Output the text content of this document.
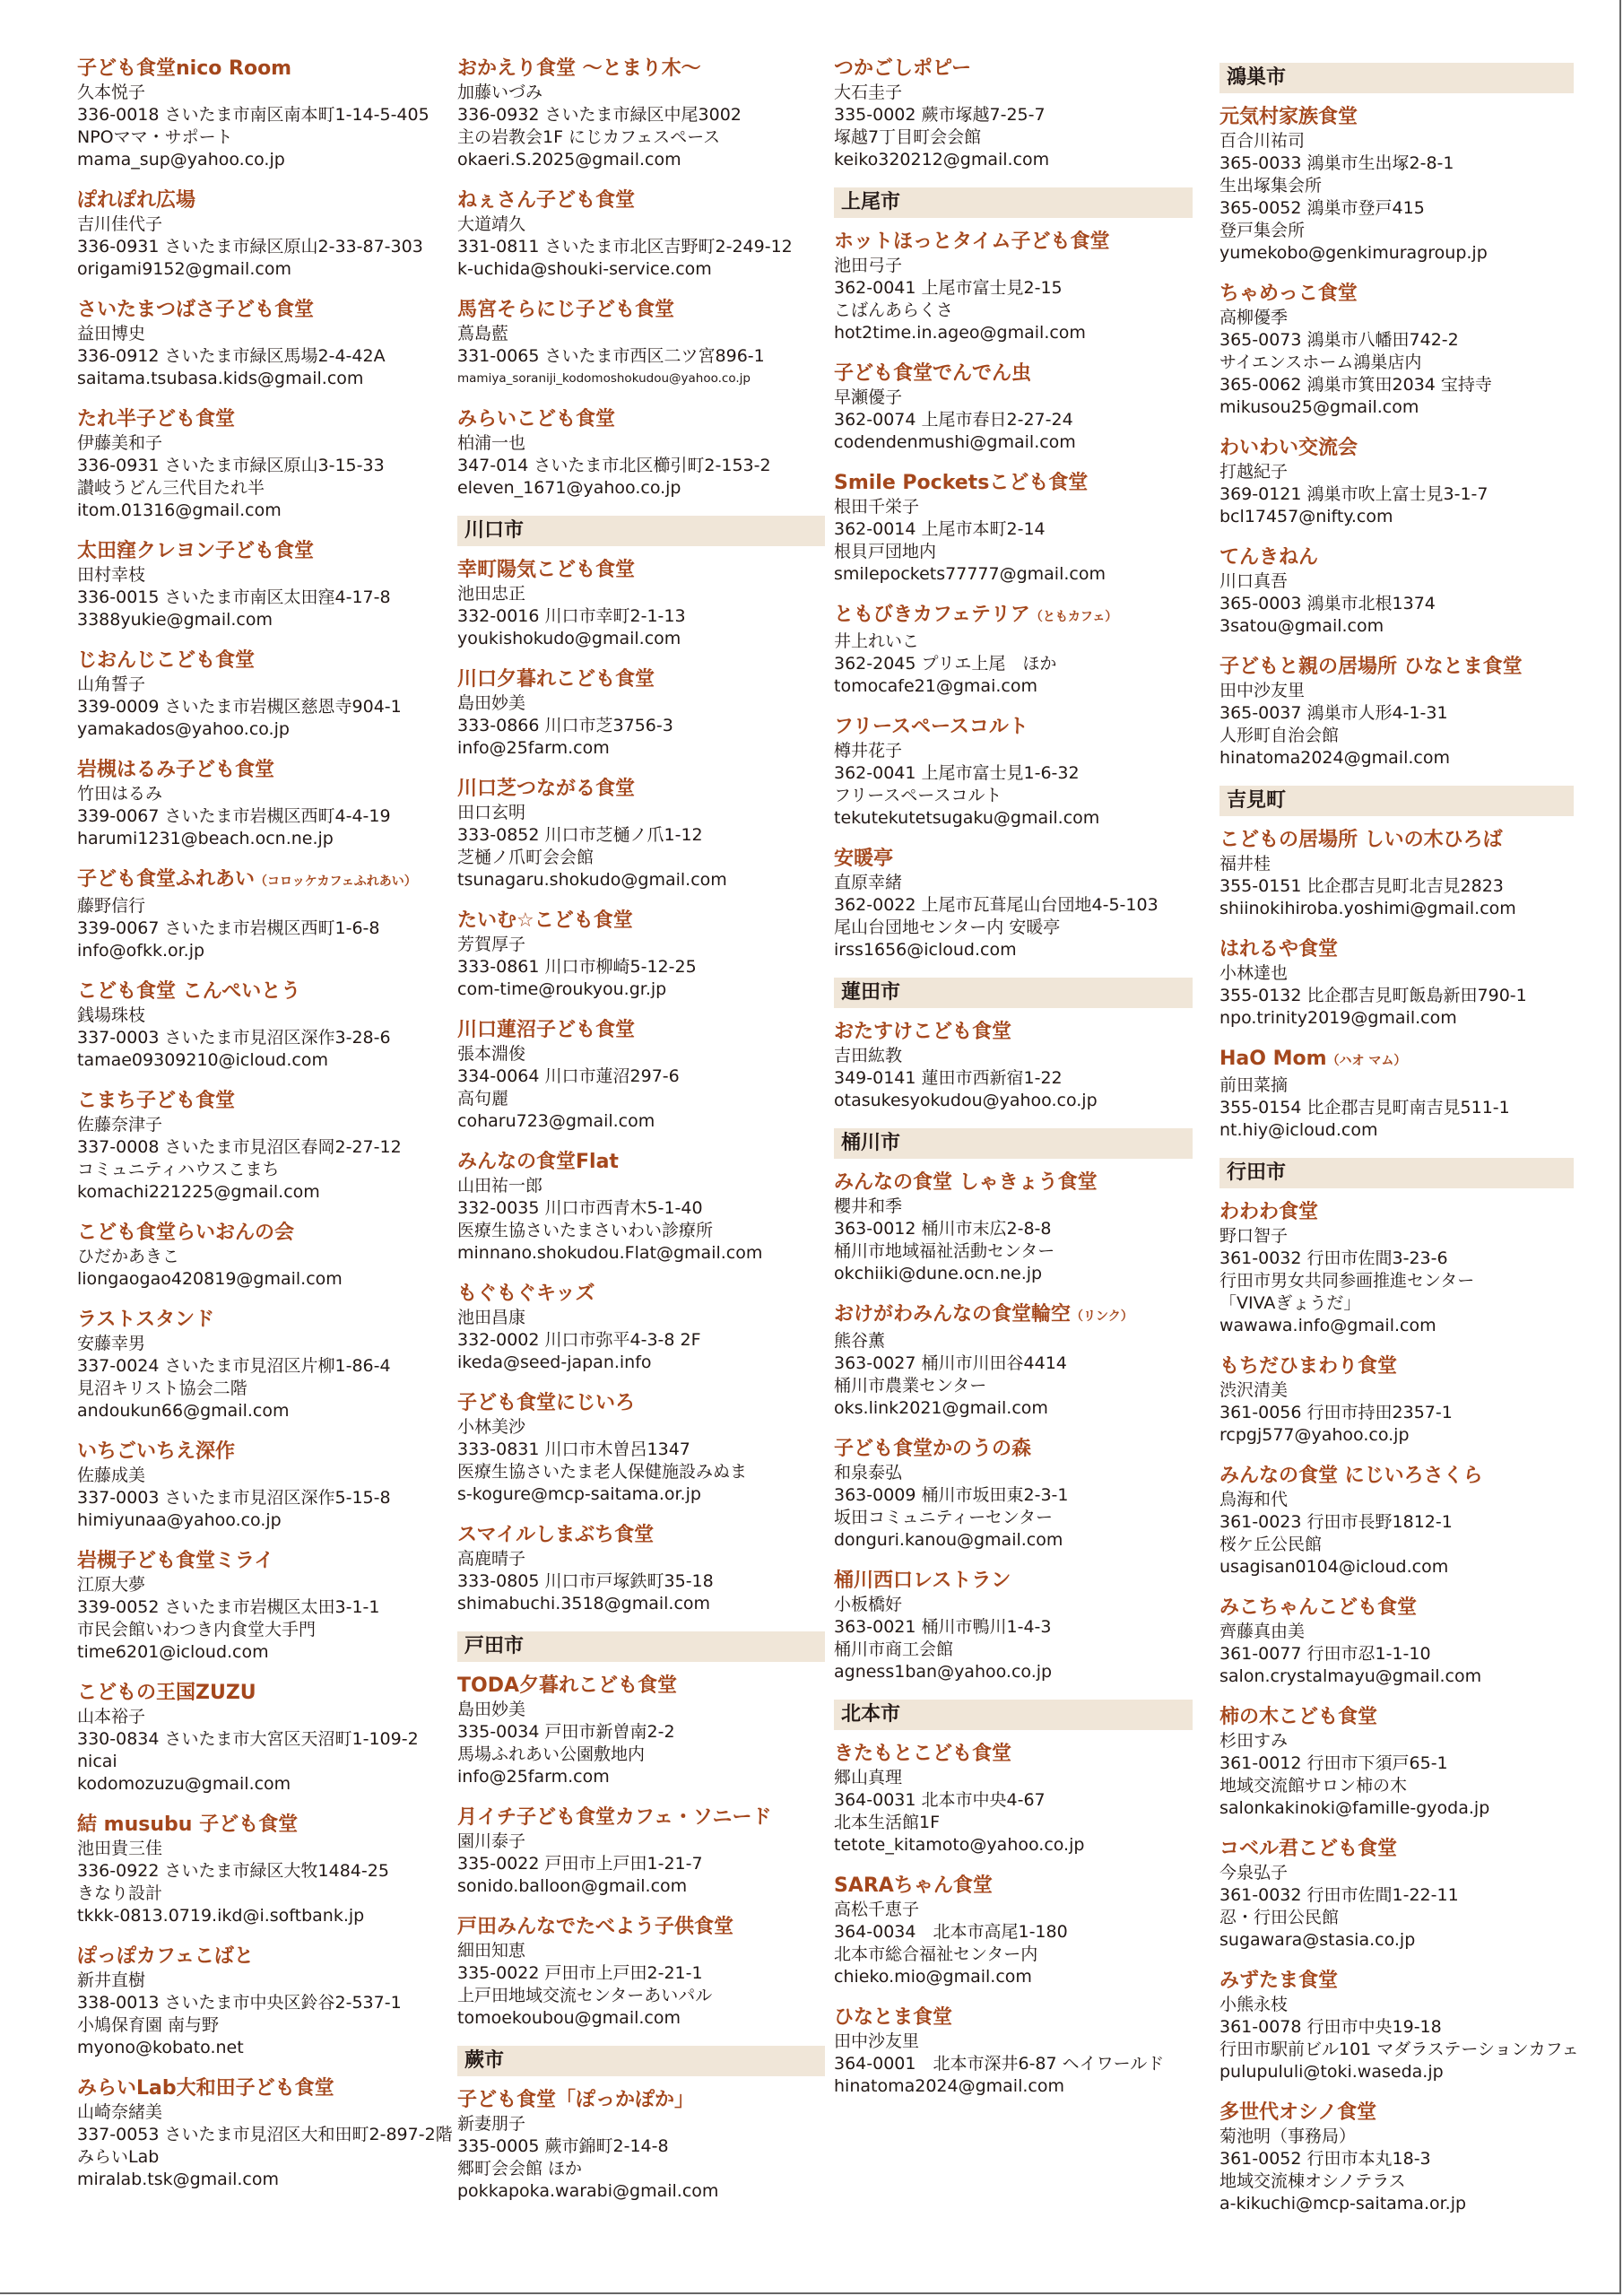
子ども食堂nico Room
久本悦子
336-0018 さいたま市南区南本町1-14-5-405
NPOママ・サポート
mama_sup@yahoo.co.jp
ぽれぽれ広場
吉川佳代子
336-0931 さいたま市緑区原山2-33-87-303
origami9152@gmail.com
さいたまつばさ子ども食堂
益田博史
336-0912 さいたま市緑区馬場2-4-42A
saitama.tsubasa.kids@gmail.com
たれ半子ども食堂
伊藤美和子
336-0931 さいたま市緑区原山3-15-33
讃岐うどん三代目たれ半
itom.01316@gmail.com
太田窪クレヨン子ども食堂
田村幸枝
336-0015 さいたま市南区太田窪4-17-8
3388yukie@gmail.com
じおんじこども食堂
山角誓子
339-0009 さいたま市岩槻区慈恩寺904-1
yamakados@yahoo.co.jp
岩槻はるみ子ども食堂
竹田はるみ
339-0067 さいたま市岩槻区西町4-4-19
harumi1231@beach.ocn.ne.jp
子ども食堂ふれあい（コロッケカフェふれあい）
藤野信行
339-0067 さいたま市岩槻区西町1-6-8
info@ofkk.or.jp
こども食堂 こんぺいとう
銭場珠枝
337-0003 さいたま市見沼区深作3-28-6
tamae09309210@icloud.com
こまち子ども食堂
佐藤奈津子
337-0008 さいたま市見沼区春岡2-27-12
コミュニティハウスこまち
komachi221225@gmail.com
こども食堂らいおんの会
ひだかあきこ
liongaogao420819@gmail.com
ラストスタンド
安藤幸男
337-0024 さいたま市見沼区片柳1-86-4
見沼キリスト協会二階
andoukun66@gmail.com
いちごいちえ深作
佐藤成美
337-0003 さいたま市見沼区深作5-15-8
himiyunaa@yahoo.co.jp
岩槻子ども食堂ミライ
江原大夢
339-0052 さいたま市岩槻区太田3-1-1
市民会館いわつき内食堂大手門
time6201@icloud.com
こどもの王国ZUZU
山本裕子
330-0834 さいたま市大宮区天沼町1-109-2
nicai
kodomozuzu@gmail.com
結 musubu 子ども食堂
池田貴三佳
336-0922 さいたま市緑区大牧1484-25
きなり設計
tkkk-0813.0719.ikd@i.softbank.jp
ぽっぽカフェこばと
新井直樹
338-0013 さいたま市中央区鈴谷2-537-1
小鳩保育園 南与野
myono@kobato.net
みらいLab大和田子ども食堂
山崎奈緒美
337-0053 さいたま市見沼区大和田町2-897-2階
みらいLab
miralab.tsk@gmail.com
おかえり食堂 ～とまり木～
加藤いづみ
336-0932 さいたま市緑区中尾3002
主の岩教会1F にじカフェスペース
okaeri.S.2025@gmail.com
ねぇさん子ども食堂
大道靖久
331-0811 さいたま市北区吉野町2-249-12
k-uchida@shouki-service.com
馬宮そらにじ子ども食堂
蔦島藍
331-0065 さいたま市西区二ツ宮896-1
mamiya_soraniji_kodomoshokudou@yahoo.co.jp
みらいこども食堂
柏浦一也
347-014 さいたま市北区櫛引町2-153-2
eleven_1671@yahoo.co.jp
川口市
幸町陽気こども食堂
池田忠正
332-0016 川口市幸町2-1-13
youkishokudo@gmail.com
川口夕暮れこども食堂
島田妙美
333-0866 川口市芝3756-3
info@25farm.com
川口芝つながる食堂
田口玄明
333-0852 川口市芝樋ノ爪1-12
芝樋ノ爪町会会館
tsunagaru.shokudo@gmail.com
たいむ☆こども食堂
芳賀厚子
333-0861 川口市柳崎5-12-25
com-time@roukyou.gr.jp
川口蓮沼子ども食堂
張本淵俊
334-0064 川口市蓮沼297-6
高句麗
coharu723@gmail.com
みんなの食堂Flat
山田祐一郎
332-0035 川口市西青木5-1-40
医療生協さいたまさいわい診療所
minnano.shokudou.Flat@gmail.com
もぐもぐキッズ
池田昌康
332-0002 川口市弥平4-3-8 2F
ikeda@seed-japan.info
子ども食堂にじいろ
小林美沙
333-0831 川口市木曽呂1347
医療生協さいたま老人保健施設みぬま
s-kogure@mcp-saitama.or.jp
スマイルしまぶち食堂
高鹿晴子
333-0805 川口市戸塚鉄町35-18
shimabuchi.3518@gmail.com
戸田市
TODA夕暮れこども食堂
島田妙美
335-0034 戸田市新曽南2-2
馬場ふれあい公園敷地内
info@25farm.com
月イチ子ども食堂カフェ・ソニード
園川泰子
335-0022 戸田市上戸田1-21-7
sonido.balloon@gmail.com
戸田みんなでたべよう子供食堂
細田知恵
335-0022 戸田市上戸田2-21-1
上戸田地域交流センターあいパル
tomoekoubou@gmail.com
蕨市
子ども食堂「ぽっかぽか」
新妻朋子
335-0005 蕨市錦町2-14-8
郷町会会館 ほか
pokkapoka.warabi@gmail.com
つかごしポピー
大石圭子
335-0002 蕨市塚越7-25-7
塚越7丁目町会会館
keiko320212@gmail.com
上尾市
ホットほっとタイム子ども食堂
池田弓子
362-0041 上尾市富士見2-15
こばんあらくさ
hot2time.in.ageo@gmail.com
子ども食堂でんでん虫
早瀬優子
362-0074 上尾市春日2-27-24
codendenmushi@gmail.com
Smile Pocketsこども食堂
根田千栄子
362-0014 上尾市本町2-14
根貝戸団地内
smilepockets77777@gmail.com
ともびきカフェテリア（ともカフェ）
井上れいこ
362-2045 プリエ上尾　ほか
tomocafe21@gmai.com
フリースペースコルト
樽井花子
362-0041 上尾市富士見1-6-32
フリースペースコルト
tekutekutetsugaku@gmail.com
安暖亭
直原幸緒
362-0022 上尾市瓦葺尾山台団地4-5-103
尾山台団地センター内 安暖亭
irss1656@icloud.com
蓮田市
おたすけこども食堂
吉田紘教
349-0141 蓮田市西新宿1-22
otasukesyokudou@yahoo.co.jp
桶川市
みんなの食堂 しゃきょう食堂
櫻井和季
363-0012 桶川市末広2-8-8
桶川市地域福祉活動センター
okchiiki@dune.ocn.ne.jp
おけがわみんなの食堂輪空（リンク）
熊谷薫
363-0027 桶川市川田谷4414
桶川市農業センター
oks.link2021@gmail.com
子ども食堂かのうの森
和泉泰弘
363-0009 桶川市坂田東2-3-1
坂田コミュニティーセンター
donguri.kanou@gmail.com
桶川西口レストラン
小板橋好
363-0021 桶川市鴨川1-4-3
桶川市商工会館
agness1ban@yahoo.co.jp
北本市
きたもとこども食堂
郷山真理
364-0031 北本市中央4-67
北本生活館1F
tetote_kitamoto@yahoo.co.jp
SARAちゃん食堂
高松千恵子
364-0034　北本市高尾1-180
北本市総合福祉センター内
chieko.mio@gmail.com
ひなとま食堂
田中沙友里
364-0001　北本市深井6-87 ヘイワールド
hinatoma2024@gmail.com
鴻巣市
元気村家族食堂
百合川祐司
365-0033 鴻巣市生出塚2-8-1
生出塚集会所
365-0052 鴻巣市登戸415
登戸集会所
yumekobo@genkimuragroup.jp
ちゃめっこ食堂
高柳優季
365-0073 鴻巣市八幡田742-2
サイエンスホーム鴻巣店内
365-0062 鴻巣市箕田2034 宝持寺
mikusou25@gmail.com
わいわい交流会
打越紀子
369-0121 鴻巣市吹上富士見3-1-7
bcl17457@nifty.com
てんきねん
川口真吾
365-0003 鴻巣市北根1374
3satou@gmail.com
子どもと親の居場所 ひなとま食堂
田中沙友里
365-0037 鴻巣市人形4-1-31
人形町自治会館
hinatoma2024@gmail.com
吉見町
こどもの居場所 しいの木ひろば
福井桂
355-0151 比企郡吉見町北吉見2823
shiinokihiroba.yoshimi@gmail.com
はれるや食堂
小林達也
355-0132 比企郡吉見町飯島新田790-1
npo.trinity2019@gmail.com
HaO Mom（ハオ マム）
前田菜摘
355-0154 比企郡吉見町南吉見511-1
nt.hiy@icloud.com
行田市
わわわ食堂
野口智子
361-0032 行田市佐間3-23-6
行田市男女共同参画推進センター
「VIVAぎょうだ」
wawawa.info@gmail.com
もちだひまわり食堂
渋沢清美
361-0056 行田市持田2357-1
rcpgj577@yahoo.co.jp
みんなの食堂 にじいろさくら
鳥海和代
361-0023 行田市長野1812-1
桜ケ丘公民館
usagisan0104@icloud.com
みこちゃんこども食堂
齊藤真由美
361-0077 行田市忍1-1-10
salon.crystalmayu@gmail.com
柿の木こども食堂
杉田すみ
361-0012 行田市下須戸65-1
地域交流館サロン柿の木
salonkakinoki@famille-gyoda.jp
コベル君こども食堂
今泉弘子
361-0032 行田市佐間1-22-11
忍・行田公民館
sugawara@stasia.co.jp
みずたま食堂
小熊永枝
361-0078 行田市中央19-18
行田市駅前ビル101 マダラステーションカフェ
pulupululi@toki.waseda.jp
多世代オシノ食堂
菊池明（事務局）
361-0052 行田市本丸18-3
地域交流棟オシノテラス
a-kikuchi@mcp-saitama.or.jp
